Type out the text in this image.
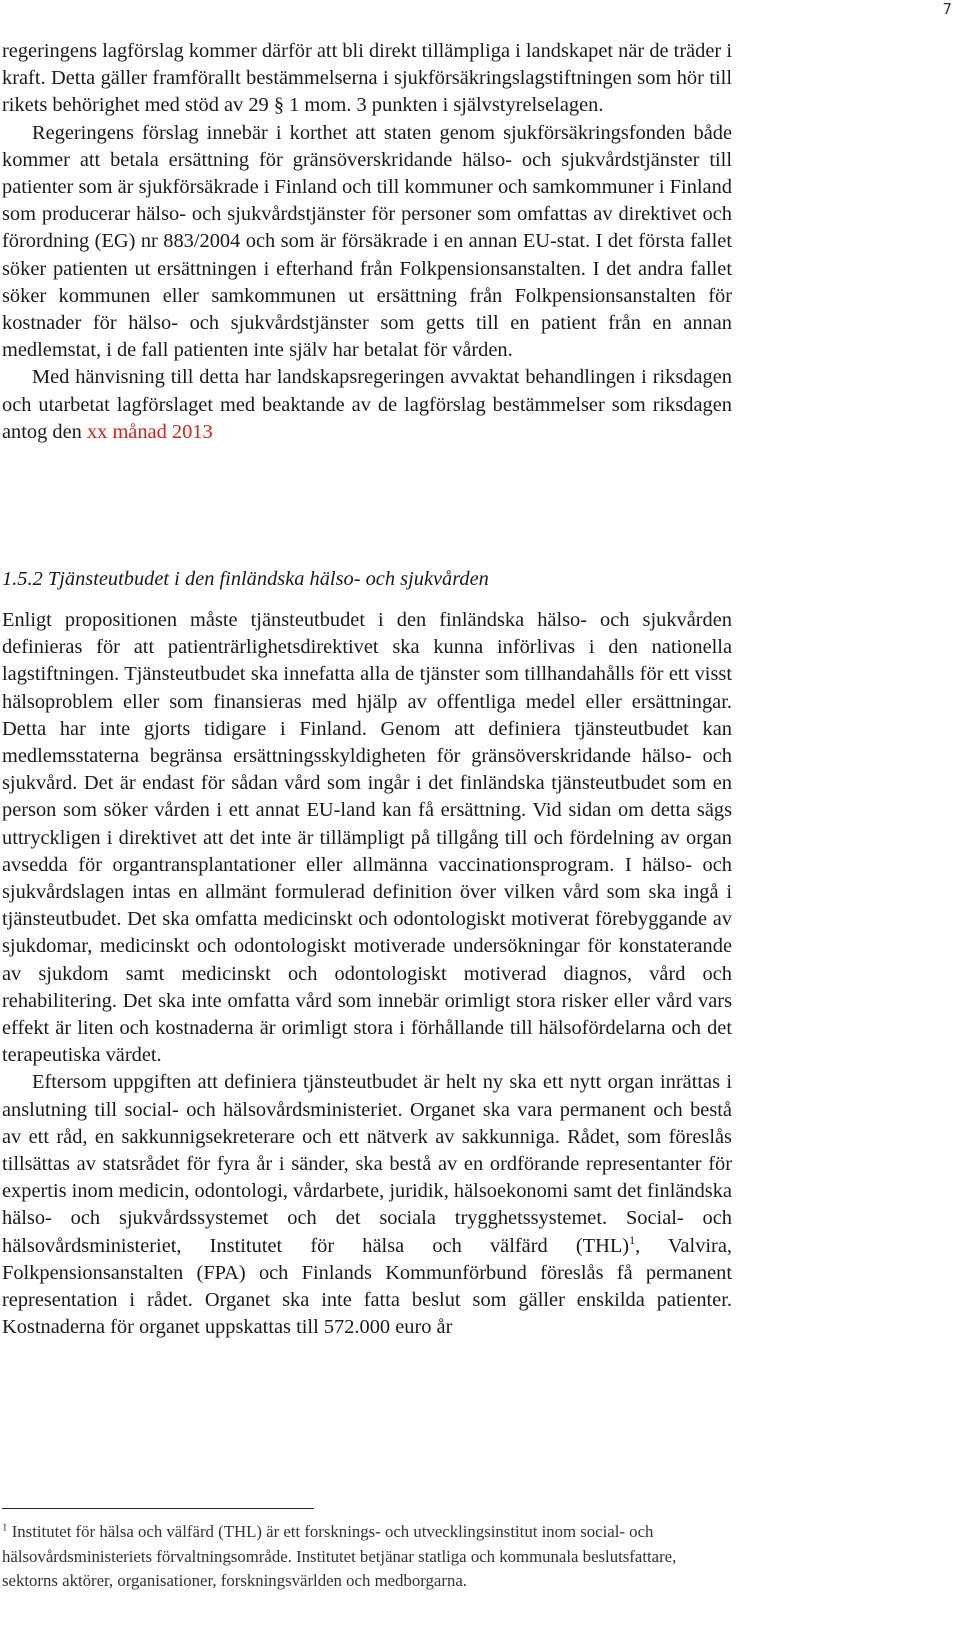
7

regeringens lagförslag kommer därför att bli direkt tillämpliga i landskapet när de träder i kraft. Detta gäller framförallt bestämmelserna i sjukförsäkringslagstiftningen som hör till rikets behörighet med stöd av 29 § 1 mom. 3 punkten i självstyrelselagen.

Regeringens förslag innebär i korthet att staten genom sjukförsäkringsfonden både kommer att betala ersättning för gränsöverskridande hälso- och sjukvårdstjänster till patienter som är sjukförsäkrade i Finland och till kommuner och samkommuner i Finland som producerar hälso- och sjukvårdstjänster för personer som omfattas av direktivet och förordning (EG) nr 883/2004 och som är försäkrade i en annan EU-stat. I det första fallet söker patienten ut ersättningen i efterhand från Folkpensionsanstalten. I det andra fallet söker kommunen eller samkommunen ut ersättning från Folkpensionsanstalten för kostnader för hälso- och sjukvårdstjänster som getts till en patient från en annan medlemstat, i de fall patienten inte själv har betalat för vården.

Med hänvisning till detta har landskapsregeringen avvaktat behandlingen i riksdagen och utarbetat lagförslaget med beaktande av de lagförslag bestämmelser som riksdagen antog den xx månad 2013

1.5.2 Tjänsteutbudet i den finländska hälso- och sjukvården

Enligt propositionen måste tjänsteutbudet i den finländska hälso- och sjukvården definieras för att patienträrlighetsdirektivet ska kunna införlivas i den nationella lagstiftningen. Tjänsteutbudet ska innefatta alla de tjänster som tillhandahålls för ett visst hälsoproblem eller som finansieras med hjälp av offentliga medel eller ersättningar. Detta har inte gjorts tidigare i Finland. Genom att definiera tjänsteutbudet kan medlemsstaterna begränsa ersättningsskyldigheten för gränsöverskridande hälso- och sjukvård. Det är endast för sådan vård som ingår i det finländska tjänsteutbudet som en person som söker vården i ett annat EU-land kan få ersättning. Vid sidan om detta sägs uttryckligen i direktivet att det inte är tillämpligt på tillgång till och fördelning av organ avsedda för organtransplantationer eller allmänna vaccinationsprogram. I hälso- och sjukvårdslagen intas en allmänt formulerad definition över vilken vård som ska ingå i tjänsteutbudet. Det ska omfatta medicinskt och odontologiskt motiverat förebyggande av sjukdomar, medicinskt och odontologiskt motiverade undersökningar för konstaterande av sjukdom samt medicinskt och odontologiskt motiverad diagnos, vård och rehabilitering. Det ska inte omfatta vård som innebär orimligt stora risker eller vård vars effekt är liten och kostnaderna är orimligt stora i förhållande till hälsofördelarna och det terapeutiska värdet.

Eftersom uppgiften att definiera tjänsteutbudet är helt ny ska ett nytt organ inrättas i anslutning till social- och hälsovårdsministeriet. Organet ska vara permanent och bestå av ett råd, en sakkunnigsekreterare och ett nätverk av sakkunniga. Rådet, som föreslås tillsättas av statsrådet för fyra år i sänder, ska bestå av en ordförande representanter för expertis inom medicin, odontologi, vårdarbete, juridik, hälsoekonomi samt det finländska hälso- och sjukvårdssystemet och det sociala trygghetssystemet. Social- och hälsovårdsministeriet, Institutet för hälsa och välfärd (THL)$^1$, Valvira, Folkpensionsanstalten (FPA) och Finlands Kommunförbund föreslås få permanent representation i rådet. Organet ska inte fatta beslut som gäller enskilda patienter. Kostnaderna för organet uppskattas till 572.000 euro år

$^1$ Institutet för hälsa och välfärd (THL) är ett forsknings- och utvecklingsinstitut inom social- och hälsovårdsministeriets förvaltningsområde. Institutet betjänar statliga och kommunala beslutsfattare, sektorns aktörer, organisationer, forskningsvärlden och medborgarna.
